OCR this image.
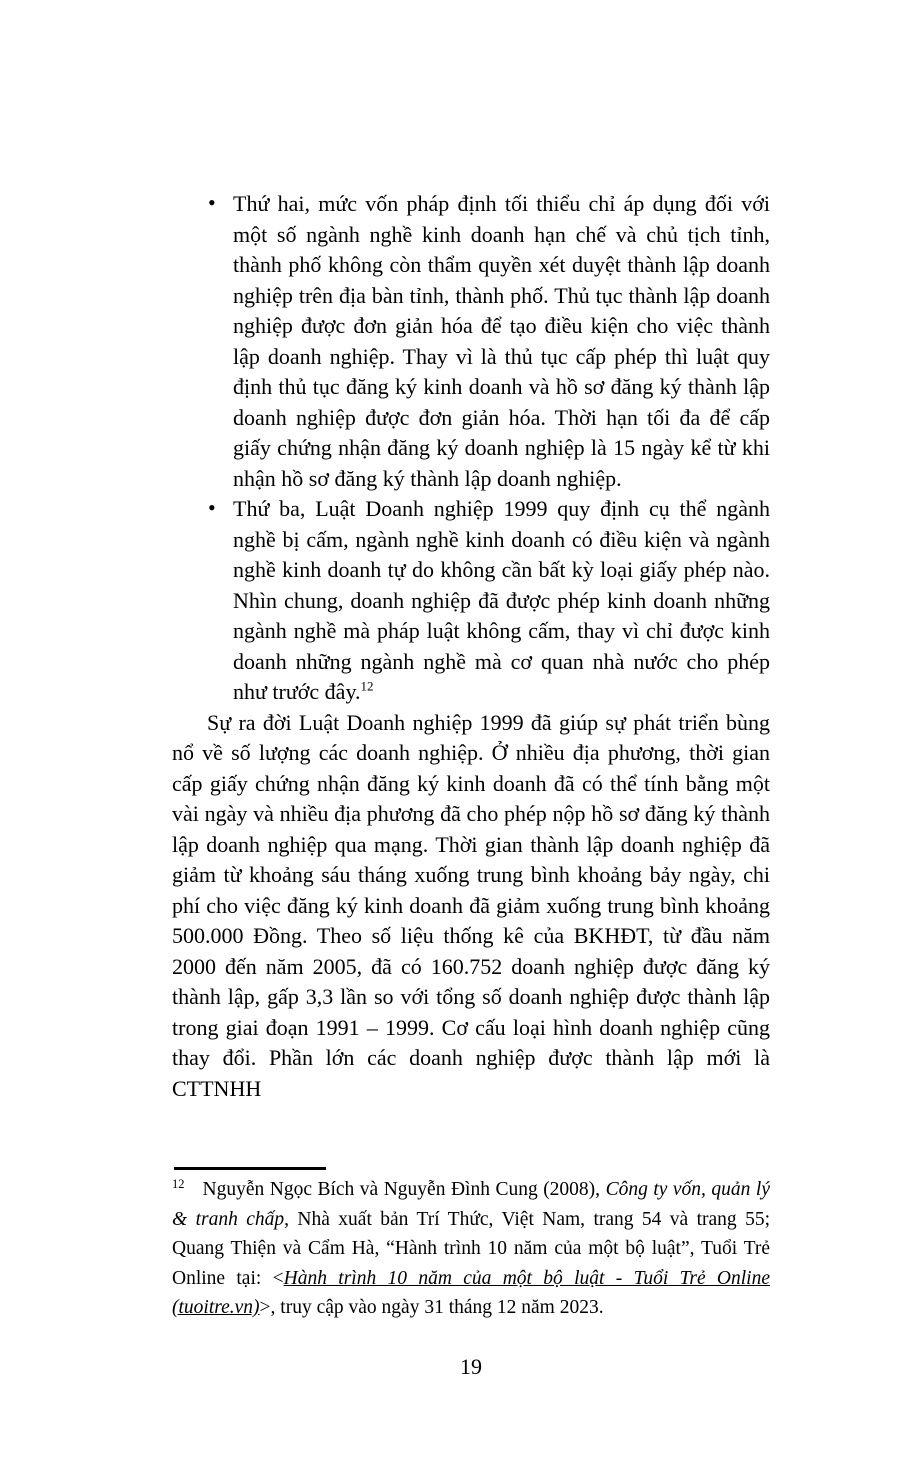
• Thứ hai, mức vốn pháp định tối thiểu chỉ áp dụng đối với một số ngành nghề kinh doanh hạn chế và chủ tịch tỉnh, thành phố không còn thẩm quyền xét duyệt thành lập doanh nghiệp trên địa bàn tỉnh, thành phố. Thủ tục thành lập doanh nghiệp được đơn giản hóa để tạo điều kiện cho việc thành lập doanh nghiệp. Thay vì là thủ tục cấp phép thì luật quy định thủ tục đăng ký kinh doanh và hồ sơ đăng ký thành lập doanh nghiệp được đơn giản hóa. Thời hạn tối đa để cấp giấy chứng nhận đăng ký doanh nghiệp là 15 ngày kể từ khi nhận hồ sơ đăng ký thành lập doanh nghiệp.
• Thứ ba, Luật Doanh nghiệp 1999 quy định cụ thể ngành nghề bị cấm, ngành nghề kinh doanh có điều kiện và ngành nghề kinh doanh tự do không cần bất kỳ loại giấy phép nào. Nhìn chung, doanh nghiệp đã được phép kinh doanh những ngành nghề mà pháp luật không cấm, thay vì chỉ được kinh doanh những ngành nghề mà cơ quan nhà nước cho phép như trước đây.$^{12}$

Sự ra đời Luật Doanh nghiệp 1999 đã giúp sự phát triển bùng nổ về số lượng các doanh nghiệp. Ở nhiều địa phương, thời gian cấp giấy chứng nhận đăng ký kinh doanh đã có thể tính bằng một vài ngày và nhiều địa phương đã cho phép nộp hồ sơ đăng ký thành lập doanh nghiệp qua mạng. Thời gian thành lập doanh nghiệp đã giảm từ khoảng sáu tháng xuống trung bình khoảng bảy ngày, chi phí cho việc đăng ký kinh doanh đã giảm xuống trung bình khoảng 500.000 Đồng. Theo số liệu thống kê của BKHĐT, từ đầu năm 2000 đến năm 2005, đã có 160.752 doanh nghiệp được đăng ký thành lập, gấp 3,3 lần so với tổng số doanh nghiệp được thành lập trong giai đoạn 1991 – 1999. Cơ cấu loại hình doanh nghiệp cũng thay đổi. Phần lớn các doanh nghiệp được thành lập mới là CTTNHH

$^{12}$ Nguyễn Ngọc Bích và Nguyễn Đình Cung (2008), Công ty vốn, quản lý & tranh chấp, Nhà xuất bản Trí Thức, Việt Nam, trang 54 và trang 55; Quang Thiện và Cẩm Hà, “Hành trình 10 năm của một bộ luật”, Tuổi Trẻ Online tại: <Hành trình 10 năm của một bộ luật - Tuổi Trẻ Online (tuoitre.vn)>, truy cập vào ngày 31 tháng 12 năm 2023.
19
